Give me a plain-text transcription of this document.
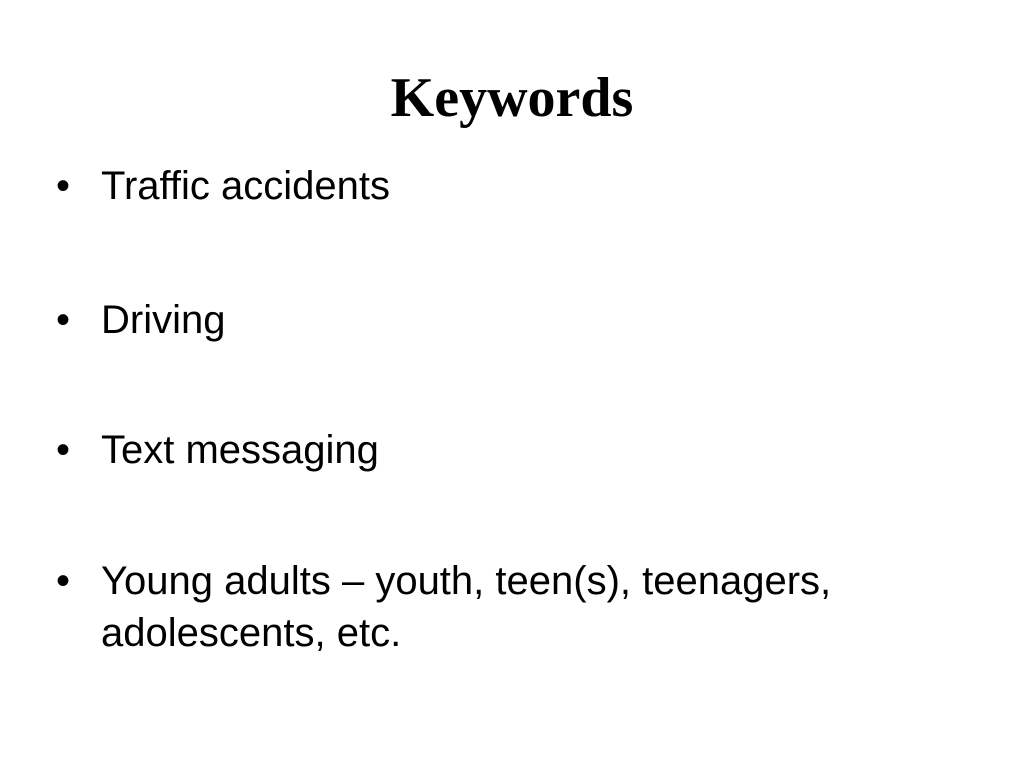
Keywords
• Traffic accidents
• Driving
• Text messaging
• Young adults – youth, teen(s), teenagers, adolescents, etc.
